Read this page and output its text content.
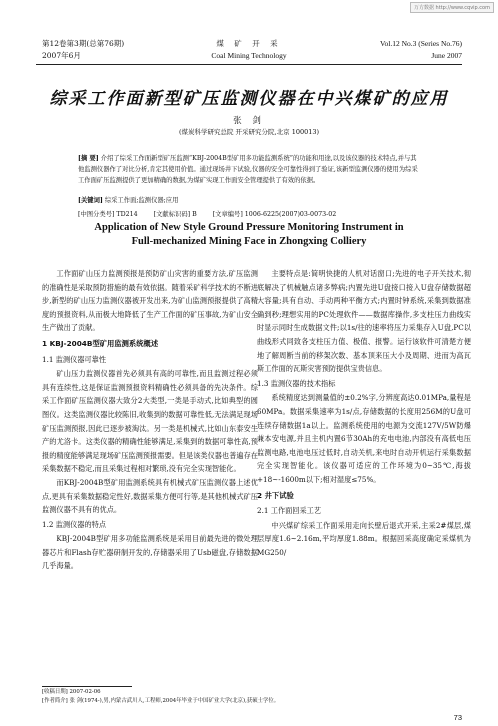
万方数据 http://www.cqvip.com
第12卷第3期(总第76期)
2007年6月
煤 矿 开 采
Coal Mining Technology
Vol.12 No.3 (Series No.76)
June 2007
综采工作面新型矿压监测仪器在中兴煤矿的应用
张 剑
(煤炭科学研究总院 开采研究分院,北京 100013)
[摘 要] 介绍了综采工作面新型矿压监测“KBJ-2004B型矿用多功能监测系统”的功能和用途,以及该仪器的技术特点,并与其他监测仪器作了对比分析,肯定其使用价值。通过现场井下试验,仪器的安全可靠性得到了验证,该新型监测仪器的使用为综采工作面矿压监测提供了更加精确的数据,为煤矿实现工作面安全管理提供了有效的依据。
[关键词] 综采工作面;监测仪器;应用
[中图分类号] TD214	[文献标识码] B	[文章编号] 1006-6225(2007)03-0073-02
Application of New Style Ground Pressure Monitoring Instrument in
Full-mechanized Mining Face in Zhongxing Colliery

工作面矿山压力监测预报是预防矿山灾害的重要方法,矿压监测的准确性是采取预防措施的最有效依据。随着采矿科学技术的不断进步,新型的矿山压力监测仪器被开发出来,为矿山监测预报提供了高精度的预报资料,从而极大地降低了生产工作面的矿压事故,为矿山安全生产做出了贡献。

1 KBJ-2004B型矿用监测系统概述
1.1 监测仪器可靠性

矿山压力监测仪器首先必须具有高的可靠性,而且监测过程必须具有连续性,这是保证监测预报资料精确性必须具备的先决条件。综采工作面矿压监测仪器大致分2大类型,一类是手动式,比如典型的圆图仪。这类监测仪器比较陈旧,收集到的数据可靠性低,无法满足现场矿压监测预报,因此已逐步被淘汰。另一类是机械式,比如山东泰安生产的尤洛卡。这类仪器的精确性能够满足,采集到的数据可靠性高,预报的精度能够满足现场矿压监测预报需要。但是该类仪器也普遍存在采集数据不稳定,而且采集过程相对繁琐,没有完全实现智能化。

而KBJ-2004B型矿用监测系统具有机械式矿压监测仪器上述优点,更具有采集数据稳定性好,数据采集方便可行等,是其他机械式矿压监测仪器不具有的优点。

1.2 监测仪器的特点

KBJ-2004B型矿用多功能监测系统是采用目前最先进的微处理器芯片和Flash存贮器研制开发的,存储器采用了Usb磁盘,存储数据几乎海量。

主要特点是:简明快捷的人机对话窗口;先进的电子开关技术,彻底解决了机械触点诸多弊病;内置先进U盘接口接入U盘存储数据超大容量;具有自动、手动两种平衡方式;内置时钟系统,采集到数据准确到秒;理想实用的PC处理软件——数据库操作,多支柱压力曲线实时显示同时生成数据文件;以1s/往的速率将压力采集存入U盘,PC以曲线形式同致各支柱压力值、极值、报警。运行该软件可清楚方便地了解周断当前的移架次数、基本顶来压大小及周期、进而为高瓦斯工作面的瓦斯灾害预防提供宝贵信息。

1.3 监测仪器的技术指标

系统精度达到测量值的±0.2%字,分辨度高达0.01MPa,量程是60MPa。数据采集速率为1s/点,存储数据的长度用256M的U盘可连续存储数据1a以上。监测系统使用的电源为交流127V/5W防爆兼本安电源,并且主机内置6节30Ah的充电电池,内部没有高低电压监测电路,电池电压过低时,自动关机,来电时自动开机运行采集数据完全实现智能化。该仪器可适应的工作环境为0~35℃,海拔+18~-1600m以下;相对湿度≤75%。

2 井下试验
2.1 工作面回采工艺

中兴煤矿综采工作面采用走向长壁后退式开采,主采2#煤层,煤层厚度1.6~2.16m,平均厚度1.88m。根据回采高度确定采煤机为MG250/

[收稿日期] 2007-02-06
[作者简介] 张 剑(1974-),男,内蒙古武川人,工程师,2004年毕业于中国矿业大学(北京),获硕士学位。
73
